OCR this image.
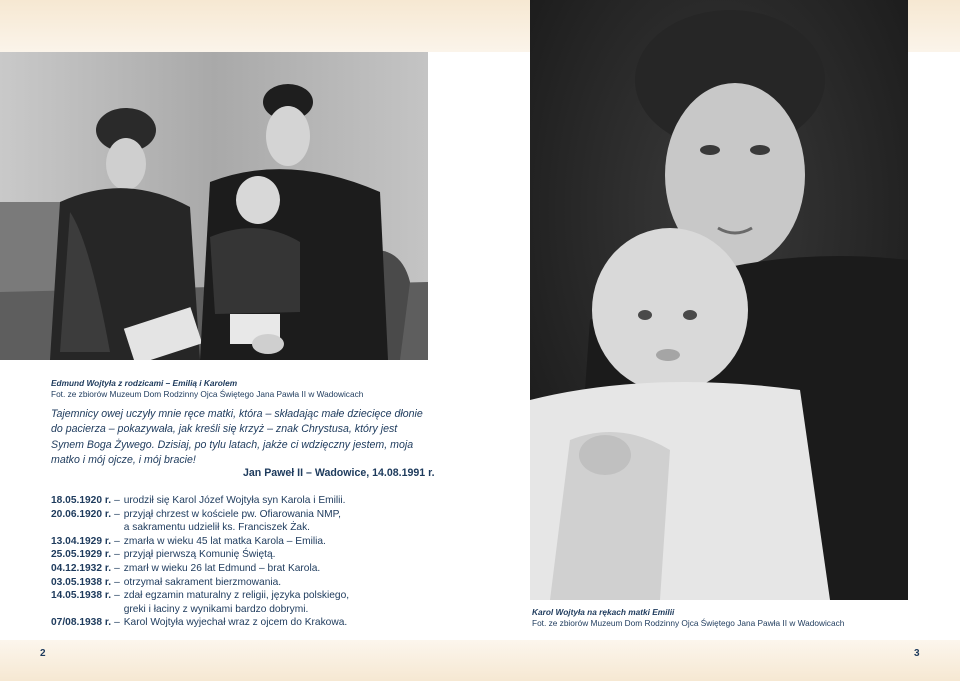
Edmund Wojtyła z rodzicami – Emilią i Karolem
Fot. ze zbiorów Muzeum Dom Rodzinny Ojca Świętego Jana Pawła II w Wadowicach

Tajemnicy owej uczyły mnie ręce matki, która – składając małe dziecięce dłonie do pacierza – pokazywała, jak kreśli się krzyż – znak Chrystusa, który jest Synem Boga Żywego. Dzisiaj, po tylu latach, jakże ci wdzięczny jestem, moja matko i mój ojcze, i mój bracie!

Jan Paweł II – Wadowice, 14.08.1991 r.

18.05.1920 r. – urodził się Karol Józef Wojtyła syn Karola i Emilii.
20.06.1920 r. – przyjął chrzest w kościele pw. Ofiarowania NMP,
a sakramentu udzielił ks. Franciszek Żak.
13.04.1929 r. – zmarła w wieku 45 lat matka Karola – Emilia.
25.05.1929 r. – przyjął pierwszą Komunię Świętą.
04.12.1932 r. – zmarł w wieku 26 lat Edmund – brat Karola.
03.05.1938 r. – otrzymał sakrament bierzmowania.
14.05.1938 r. – zdał egzamin maturalny z religii, języka polskiego,
greki i łaciny z wynikami bardzo dobrymi.
07/08.1938 r. – Karol Wojtyła wyjechał wraz z ojcem do Krakowa.
Karol Wojtyła na rękach matki Emilii
Fot. ze zbiorów Muzeum Dom Rodzinny Ojca Świętego Jana Pawła II w Wadowicach
2	3
